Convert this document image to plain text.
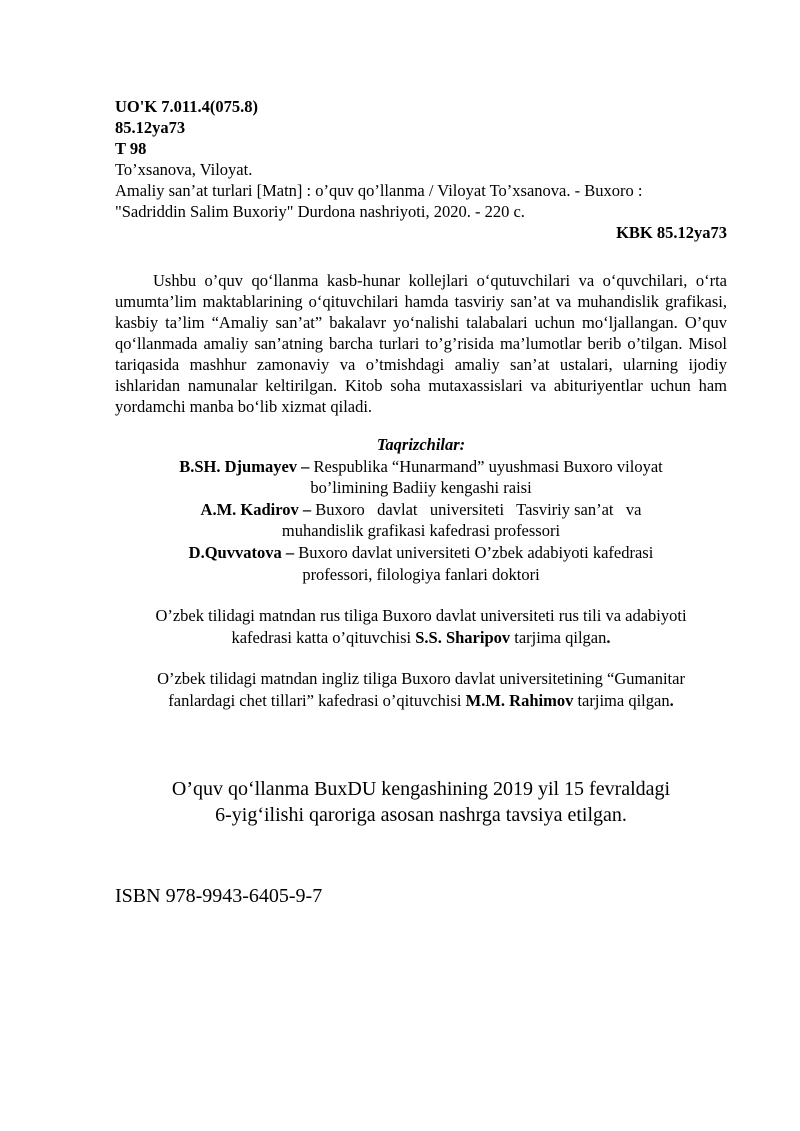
UO'K 7.011.4(075.8)
85.12ya73
T 98
To’xsanova, Viloyat.
Amaliy san’at turlari [Matn] : o’quv qo’llanma / Viloyat To’xsanova. - Buxoro :
"Sadriddin Salim Buxoriy" Durdona nashriyoti, 2020. - 220 c.
KBK 85.12ya73

Ushbu o’quv qo‘llanma kasb-hunar kollejlari o‘qutuvchilari va o‘quvchilari, o‘rta umumta’lim maktablarining o‘qituvchilari hamda tasviriy san’at va muhandislik grafikasi, kasbiy ta’lim “Amaliy san’at” bakalavr yo‘nalishi talabalari uchun mo‘ljallangan. O’quv qo‘llanmada amaliy san’atning barcha turlari to’g’risida ma’lumotlar berib o’tilgan. Misol tariqasida mashhur zamonaviy va o’tmishdagi amaliy san’at ustalari, ularning ijodiy ishlaridan namunalar keltirilgan. Kitob soha mutaxassislari va abituriyentlar uchun ham yordamchi manba bo‘lib xizmat qiladi.

Taqrizchilar:
B.SH. Djumayev – Respublika “Hunarmand” uyushmasi Buxoro viloyat
bo’limining Badiiy kengashi raisi
A.M. Kadirov – Buxoro   davlat   universiteti   Tasviriy san’at   va
muhandislik grafikasi kafedrasi professori
D.Quvvatova – Buxoro davlat universiteti O’zbek adabiyoti kafedrasi
professori, filologiya fanlari doktori
O’zbek tilidagi matndan rus tiliga Buxoro davlat universiteti rus tili va adabiyoti
kafedrasi katta o’qituvchisi S.S. Sharipov tarjima qilgan.
O’zbek tilidagi matndan ingliz tiliga Buxoro davlat universitetining “Gumanitar
fanlardagi chet tillari” kafedrasi o’qituvchisi M.M. Rahimov tarjima qilgan.
O’quv qo‘llanma BuxDU kengashining 2019 yil 15 fevraldagi
6-yig‘ilishi qaroriga asosan nashrga tavsiya etilgan.
ISBN 978-9943-6405-9-7
